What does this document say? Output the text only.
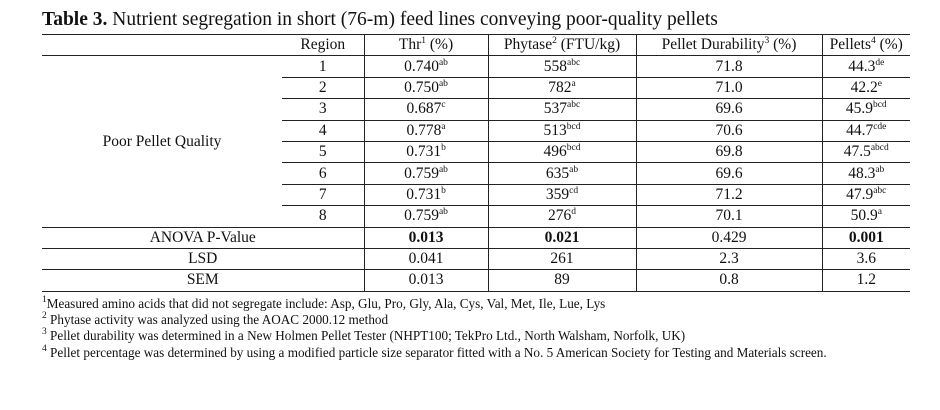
Table 3. Nutrient segregation in short (76-m) feed lines conveying poor-quality pellets
	Region	Thr$^1$ (%)	Phytase$^2$ (FTU/kg)	Pellet Durability$^3$ (%)	Pellets$^4$ (%)
Poor Pellet Quality	1	0.740$^{ab}$	$558^{abc}$	71.8	44.3de
	2	0.750$^{ab}$	782$^a$	71.0	42.2e
	3	0.687$^c$	$537^{abc}$	69.6	45.9$^{bcd}$
	4	0.778$^a$	$513^{bcd}$	70.6	44.7$^{cde}$
	5	0.731$^b$	$496^{bcd}$	69.8	$47.5^{abcd}$
	6	0.759$^{ab}$	$635^{ab}$	69.6	48.3$^{ab}$
	7	0.731$^b$	$359^{cd}$	71.2	47.9$^{abc}$
	8	0.759$^{ab}$	276$^d$	70.1	50.9$^a$
ANOVA P-Value		0.013	0.021	0.429	0.001
LSD		0.041	261	2.3	3.6
SEM		0.013	89	0.8	1.2
$^1$Measured amino acids that did not segregate include: Asp, Glu, Pro, Gly, Ala, Cys, Val, Met, Ile, Lue, Lys
$^2$ Phytase activity was analyzed using the AOAC 2000.12 method
$^3$ Pellet durability was determined in a New Holmen Pellet Tester (NHPT100; TekPro Ltd., North Walsham, Norfolk, UK)
$^4$ Pellet percentage was determined by using a modified particle size separator fitted with a No. 5 American Society for Testing and Materials screen.
